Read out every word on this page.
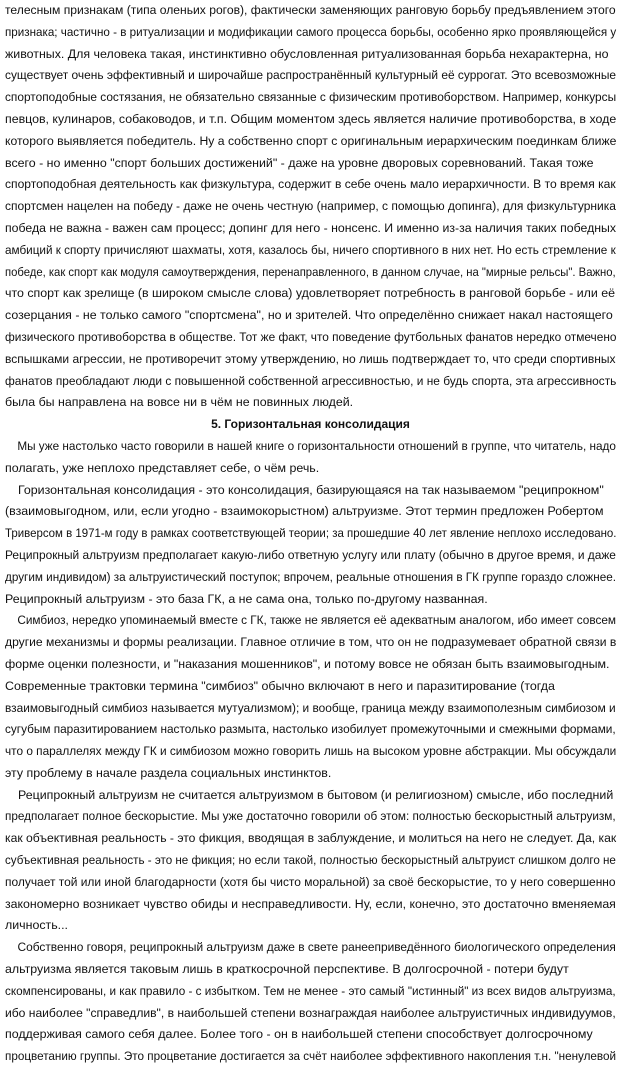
телесным признакам (типа оленьих рогов), фактически заменяющих ранговую борьбу предъявлением этого
признака; частично - в ритуализации и модификации самого процесса борьбы, особенно ярко проявляющейся у
животных. Для человека такая, инстинктивно обусловленная ритуализованная борьба нехарактерна, но
существует очень эффективный и широчайше распространённый культурный её суррогат. Это всевозможные
спортоподобные состязания, не обязательно связанные с физическим противоборством. Например, конкурсы
певцов, кулинаров, собаководов, и т.п. Общим моментом здесь является наличие противоборства, в ходе
которого выявляется победитель. Ну а собственно спорт с оригинальным иерархическим поединкам ближе
всего - но именно "спорт больших достижений" - даже на уровне дворовых соревнований. Такая тоже
спортоподобная деятельность как физкультура, содержит в себе очень мало иерархичности. В то время как
спортсмен нацелен на победу - даже не очень честную (например, с помощью допинга), для физкультурника
победа не важна - важен сам процесс; допинг для него - нонсенс. И именно из-за наличия таких победных
амбиций к спорту причисляют шахматы, хотя, казалось бы, ничего спортивного в них нет. Но есть стремление к
победе, как спорт как модуля самоутверждения, перенаправленного, в данном случае, на "мирные рельсы". Важно,
что спорт как зрелище (в широком смысле слова) удовлетворяет потребность в ранговой борьбе - или её
созерцания - не только самого "спортсмена", но и зрителей. Что определённо снижает накал настоящего
физического противоборства в обществе. Тот же факт, что поведение футбольных фанатов нередко отмечено
вспышками агрессии, не противоречит этому утверждению, но лишь подтверждает то, что среди спортивных
фанатов преобладают люди с повышенной собственной агрессивностью, и не будь спорта, эта агрессивность
была бы направлена на вовсе ни в чём не повинных людей.
5. Горизонтальная консолидация
Мы уже настолько часто говорили в нашей книге о горизонтальности отношений в группе, что читатель, надо
полагать, уже неплохо представляет себе, о чём речь.
Горизонтальная консолидация - это консолидация, базирующаяся на так называемом "реципрокном"
(взаимовыгодном, или, если угодно - взаимокорыстном) альтруизме. Этот термин предложен Робертом
Триверсом в 1971-м году в рамках соответствующей теории; за прошедшие 40 лет явление неплохо исследовано.
Реципрокный альтруизм предполагает какую-либо ответную услугу или плату (обычно в другое время, и даже
другим индивидом) за альтруистический поступок; впрочем, реальные отношения в ГК группе гораздо сложнее.
Реципрокный альтруизм - это база ГК, а не сама она, только по-другому названная.
Симбиоз, нередко упоминаемый вместе с ГК, также не является её адекватным аналогом, ибо имеет совсем
другие механизмы и формы реализации. Главное отличие в том, что он не подразумевает обратной связи в
форме оценки полезности, и "наказания мошенников", и потому вовсе не обязан быть взаимовыгодным.
Современные трактовки термина "симбиоз" обычно включают в него и паразитирование (тогда
взаимовыгодный симбиоз называется мутуализмом); и вообще, граница между взаимополезным симбиозом и
сугубым паразитированием настолько размыта, настолько изобилует промежуточными и смежными формами,
что о параллелях между ГК и симбиозом можно говорить лишь на высоком уровне абстракции. Мы обсуждали
эту проблему в начале раздела социальных инстинктов.
Реципрокный альтруизм не считается альтруизмом в бытовом (и религиозном) смысле, ибо последний
предполагает полное бескорыстие. Мы уже достаточно говорили об этом: полностью бескорыстный альтруизм,
как объективная реальность - это фикция, вводящая в заблуждение, и молиться на него не следует. Да, как
субъективная реальность - это не фикция; но если такой, полностью бескорыстный альтруист слишком долго не
получает той или иной благодарности (хотя бы чисто моральной) за своё бескорыстие, то у него совершенно
закономерно возникает чувство обиды и несправедливости. Ну, если, конечно, это достаточно вменяемая
личность...
Собственно говоря, реципрокный альтруизм даже в свете ранееприведённого биологического определения
альтруизма является таковым лишь в краткосрочной перспективе. В долгосрочной - потери будут
скомпенсированы, и как правило - с избытком. Тем не менее - это самый "истинный" из всех видов альтруизма,
ибо наиболее "справедлив", в наибольшей степени вознаграждая наиболее альтруистичных индивидуумов,
поддерживая самого себя далее. Более того - он в наибольшей степени способствует долгосрочному
процветанию группы. Это процветание достигается за счёт наиболее эффективного накопления т.н. "ненулевой
